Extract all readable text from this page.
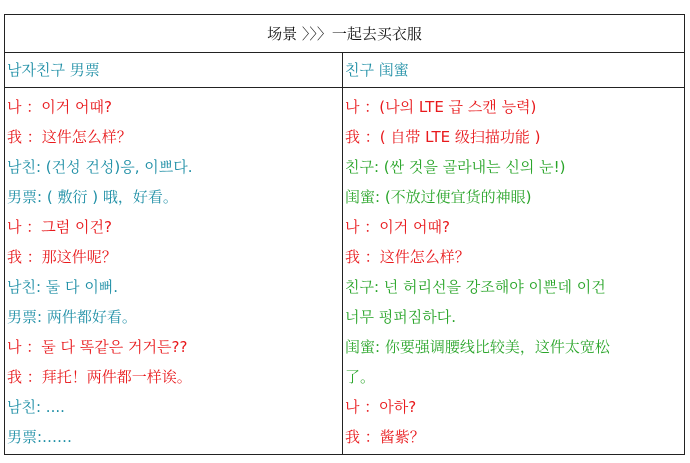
场景 〉〉〉一起去买衣服
남자친구 男票	친구 闺蜜
나 ：이거 어때?
我 ：这件怎么样？
남친: (건성 건성)응, 이쁘다.
男票: ( 敷衍 ) 哦，好看。
나 ：그럼 이건?
我 ：那这件呢？
남친: 둘 다 이뻐.
男票: 两件都好看。
나 ：둘 다 똑같은 거거든??
我 ：拜托！两件都一样诶。
남친: ....
男票:……
나 ：(나의 LTE 급 스캔 능력)
我 ：( 自带 LTE 级扫描功能 )
친구: (싼 것을 골라내는 신의 눈!)
闺蜜: (不放过便宜货的神眼)
나 ：이거 어때?
我 ：这件怎么样？
친구: 넌 허리선을 강조해야 이쁜데 이건
너무 펑퍼짐하다.
闺蜜: 你要强调腰线比较美，这件太宽松
了。
나 ：아하?
我 ：酱紫？
